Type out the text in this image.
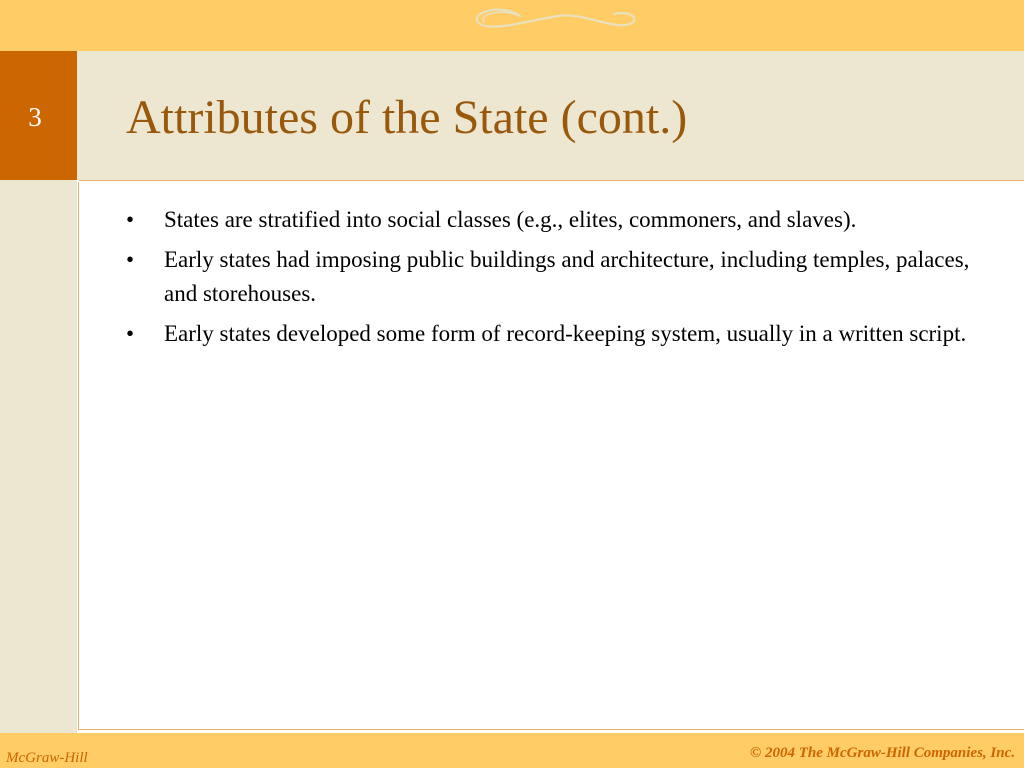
3	Attributes of the State (cont.)
• States are stratified into social classes (e.g., elites, commoners, and slaves).
• Early states had imposing public buildings and architecture, including temples, palaces, and storehouses.
• Early states developed some form of record-keeping system, usually in a written script.
McGraw-Hill	© 2004 The McGraw-Hill Companies, Inc.
